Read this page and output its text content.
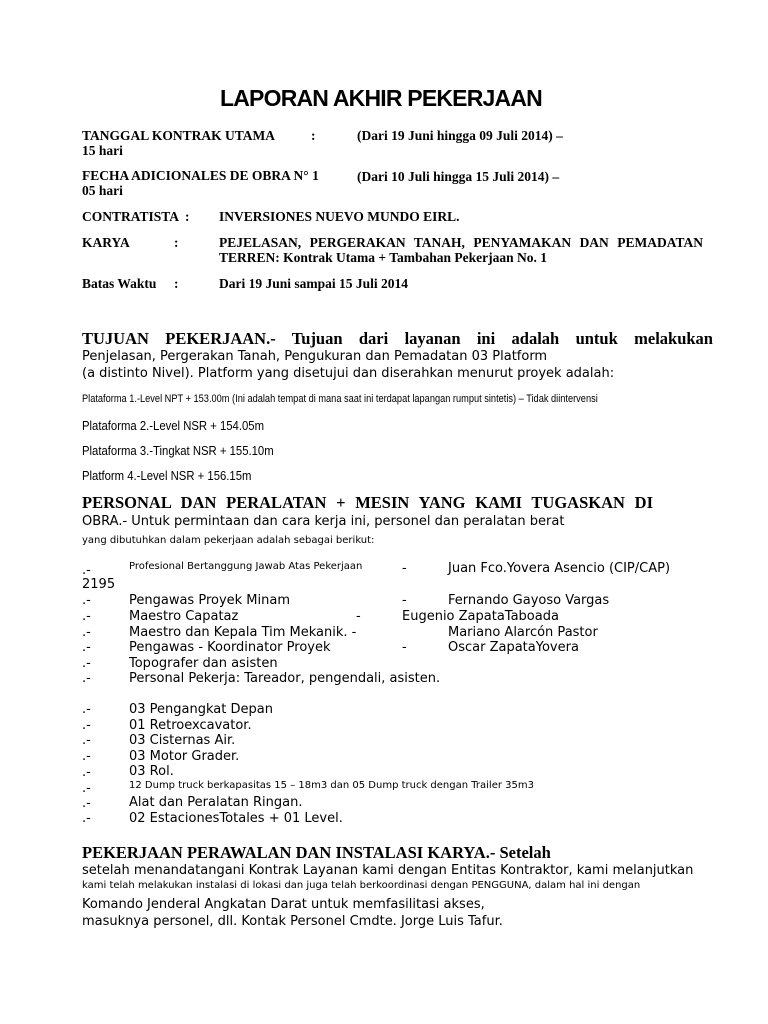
LAPORAN AKHIR PEKERJAAN
TANGGAL KONTRAK UTAMA	:	(Dari 19 Juni hingga 09 Juli 2014) –
15 hari
FECHA ADICIONALES DE OBRA N° 1	(Dari 10 Juli hingga 15 Juli 2014) –
05 hari
CONTRATISTA  : INVERSIONES NUEVO MUNDO EIRL.
KARYA	:	PEJELASAN, PERGERAKAN TANAH, PENYAMAKAN DAN PEMADATAN
TERREN: Kontrak Utama + Tambahan Pekerjaan No. 1
Batas Waktu :	Dari 19 Juni sampai 15 Juli 2014
TUJUAN PEKERJAAN.- Tujuan dari layanan ini adalah untuk melakukan
Penjelasan, Pergerakan Tanah, Pengukuran dan Pemadatan 03 Platform
(a distinto Nivel). Platform yang disetujui dan diserahkan menurut proyek adalah:
Plataforma 1.-Level NPT + 153.00m (Ini adalah tempat di mana saat ini terdapat lapangan rumput sintetis) – Tidak diintervensi
Plataforma 2.-Level NSR + 154.05m
Plataforma 3.-Tingkat NSR + 155.10m
Platform 4.-Level NSR + 156.15m
PERSONAL DAN PERALATAN + MESIN YANG KAMI TUGASKAN DI
OBRA.- Untuk permintaan dan cara kerja ini, personel dan peralatan berat
yang dibutuhkan dalam pekerjaan adalah sebagai berikut:
.-	Profesional Bertanggung Jawab Atas Pekerjaan	-	Juan Fco.Yovera Asencio (CIP/CAP)
2195
.-	Pengawas Proyek Minam	-	Fernando Gayoso Vargas
.-	Maestro Capataz	-	Eugenio ZapataTaboada
.-	Maestro dan Kepala Tim Mekanik. -	Mariano Alarcón Pastor
.-	Pengawas - Koordinator Proyek	-	Oscar ZapataYovera
.-	Topografer dan asisten
.-	Personal Pekerja: Tareador, pengendali, asisten.
.-	03 Pengangkat Depan
.-	01 Retroexcavator.
.-	03 Cisternas Air.
.-	03 Motor Grader.
.-	03 Rol.
.-	12 Dump truck berkapasitas 15 – 18m3 dan 05 Dump truck dengan Trailer 35m3
.-	Alat dan Peralatan Ringan.
.-	02 EstacionesTotales + 01 Level.
PEKERJAAN PERAWALAN DAN INSTALASI KARYA.- Setelah
setelah menandatangani Kontrak Layanan kami dengan Entitas Kontraktor, kami melanjutkan
kami telah melakukan instalasi di lokasi dan juga telah berkoordinasi dengan PENGGUNA, dalam hal ini dengan
Komando Jenderal Angkatan Darat untuk memfasilitasi akses,
masuknya personel, dll. Kontak Personel Cmdte. Jorge Luis Tafur.
